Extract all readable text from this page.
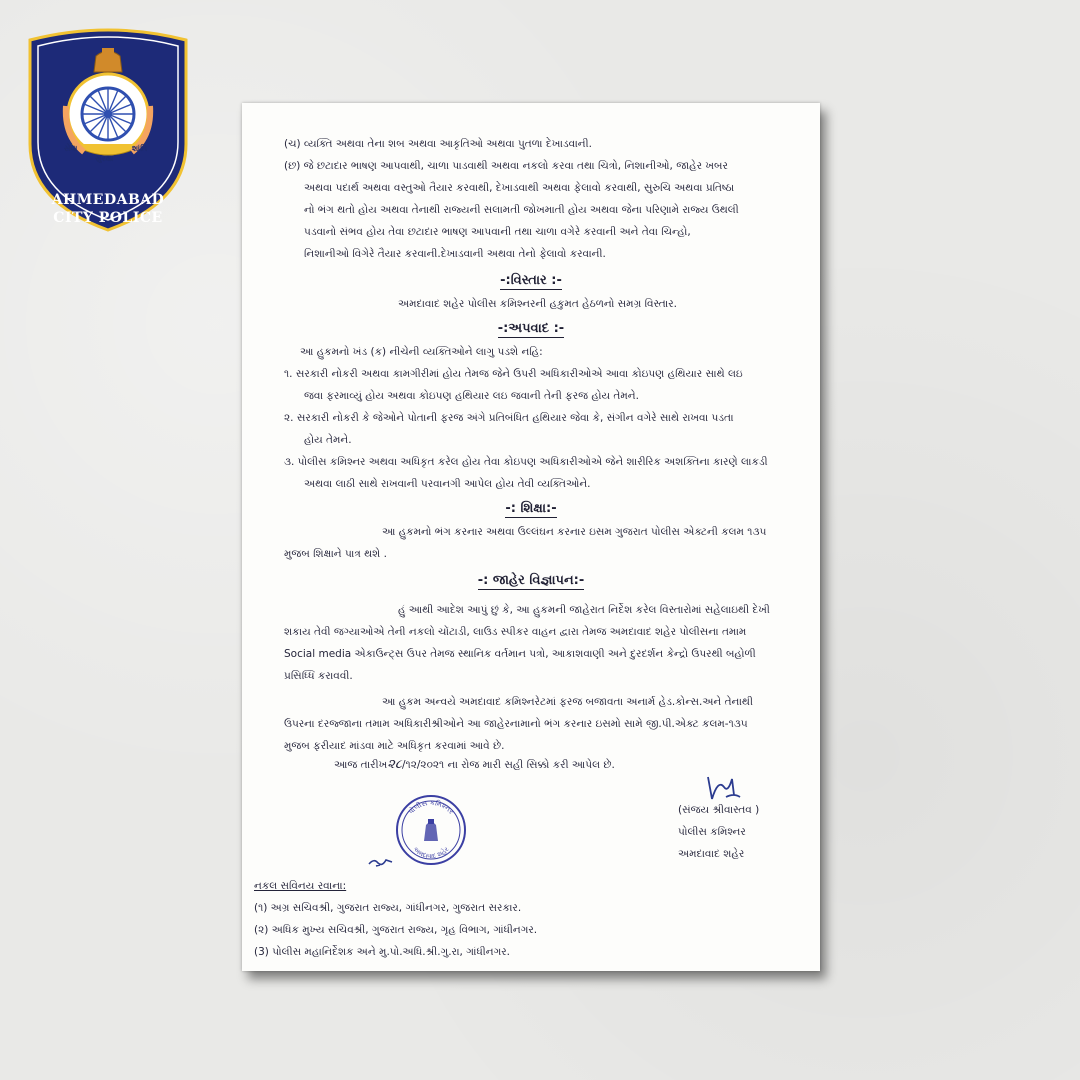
સેવા
સુરક્ષા
શાંતિ
AHMEDABAD
CITY POLICE
(ચ) વ્યક્તિ અથવા તેના શબ અથવા આકૃતિઓ અથવા પુતળા દેખાડવાની.
(છ) જે છટાદાર ભાષણ આપવાથી, ચાળા પાડવાથી અથવા નકલો કરવા તથા ચિત્રો, નિશાનીઓ, જાહેર ખબર
અથવા પદાર્થ અથવા વસ્તુઓ તૈયાર કરવાથી, દેખાડવાથી અથવા ફેલાવો કરવાથી, સુરુચિ અથવા પ્રતિષ્ઠા
નો ભંગ થતો હોય અથવા તેનાથી રાજ્યની સલામતી જોખમાતી હોય અથવા જેના પરિણામે રાજ્ય ઉથલી
પડવાનો સંભવ હોય તેવા છટાદાર ભાષણ આપવાની તથા ચાળા વગેરે કરવાની અને તેવા ચિન્હો,
નિશાનીઓ વિગેરે તૈયાર કરવાની.દેખાડવાની અથવા તેનો ફેલાવો કરવાની.
-:વિસ્તાર :-
અમદાવાદ શહેર પોલીસ કમિશ્નરની હકુમત હેઠળનો સમગ્ર વિસ્તાર.
-:અપવાદ :-
આ હુકમનો ખંડ (ક) નીચેની વ્યક્તિઓને લાગુ પડશે નહિ:
૧. સરકારી નોકરી અથવા કામગીરીમાં હોય તેમજ જેને ઉપરી અધિકારીઓએ આવા કોઇપણ હથિયાર સાથે લઇ
જવા ફરમાવ્યું હોય અથવા કોઇપણ હથિયાર લઇ જવાની તેની ફરજ હોય તેમને.
૨. સરકારી નોકરી કે જેઓને પોતાની ફરજ અંગે પ્રતિબંધિત હથિયાર જેવા કે, સંગીન વગેરે સાથે રાખવા પડતા
હોય તેમને.
૩. પોલીસ કમિશ્નર અથવા અધિકૃત કરેલ હોય તેવા કોઇપણ અધિકારીઓએ જેને શારીરિક અશક્તિના કારણે લાકડી
અથવા લાઠી સાથે રાખવાની પરવાનગી આપેલ હોય તેવી વ્યક્તિઓને.
-: શિક્ષા:-
આ હુકમનો ભંગ કરનાર અથવા ઉલ્લંઘન કરનાર ઇસમ ગુજરાત પોલીસ એક્ટની કલમ ૧૩૫
મુજબ શિક્ષાને પાત્ર થશે .
-: જાહેર વિજ્ઞાપન:-
હું આથી આદેશ આપું છું કે, આ હુકમની જાહેરાત નિર્દેશ કરેલ વિસ્તારોમાં સહેલાઇથી દેખી
શકાય તેવી જગ્યાઓએ તેની નકલો ચોંટાડી, લાઉડ સ્પીકર વાહન દ્વારા તેમજ અમદાવાદ શહેર પોલીસના તમામ
Social media એકાઉન્ટ્સ ઉપર તેમજ સ્થાનિક વર્તમાન પત્રો, આકાશવાણી અને દુરદર્શન કેન્દ્રો ઉપરથી બહોળી
પ્રસિધ્ધિ કરાવવી.
આ હુકમ અન્વયે અમદાવાદ કમિશ્નરેટમાં ફરજ બજાવતા અનાર્મ હેડ.કોન્સ.અને તેનાથી
ઉપરના દરજ્જાના તમામ અધિકારીશ્રીઓને આ જાહેરનામાનો ભંગ કરનાર ઇસમો સામે જી.પી.એક્ટ કલમ-૧૩૫
મુજબ ફરીયાદ માંડવા માટે અધિકૃત કરવામાં આવે છે.
આજ તારીખ૨૮/૧૨/૨૦૨૧ ના રોજ મારી સહી સિક્કો કરી આપેલ છે.
પોલીસ કમિશ્નર
અમદાવાદ શહેર
(સંજય શ્રીવાસ્તવ )
પોલીસ કમિશ્નર
અમદાવાદ શહેર
નકલ સવિનય રવાના:
(૧) અગ્ર સચિવશ્રી, ગુજરાત રાજ્ય, ગાંધીનગર, ગુજરાત સરકાર.
(૨) અધિક મુખ્ય સચિવશ્રી, ગુજરાત રાજ્ય, ગૃહ વિભાગ, ગાંધીનગર.
(3) પોલીસ મહાનિર્દેશક અને મુ.પો.અધિ.શ્રી.ગુ.રા, ગાંધીનગર.
